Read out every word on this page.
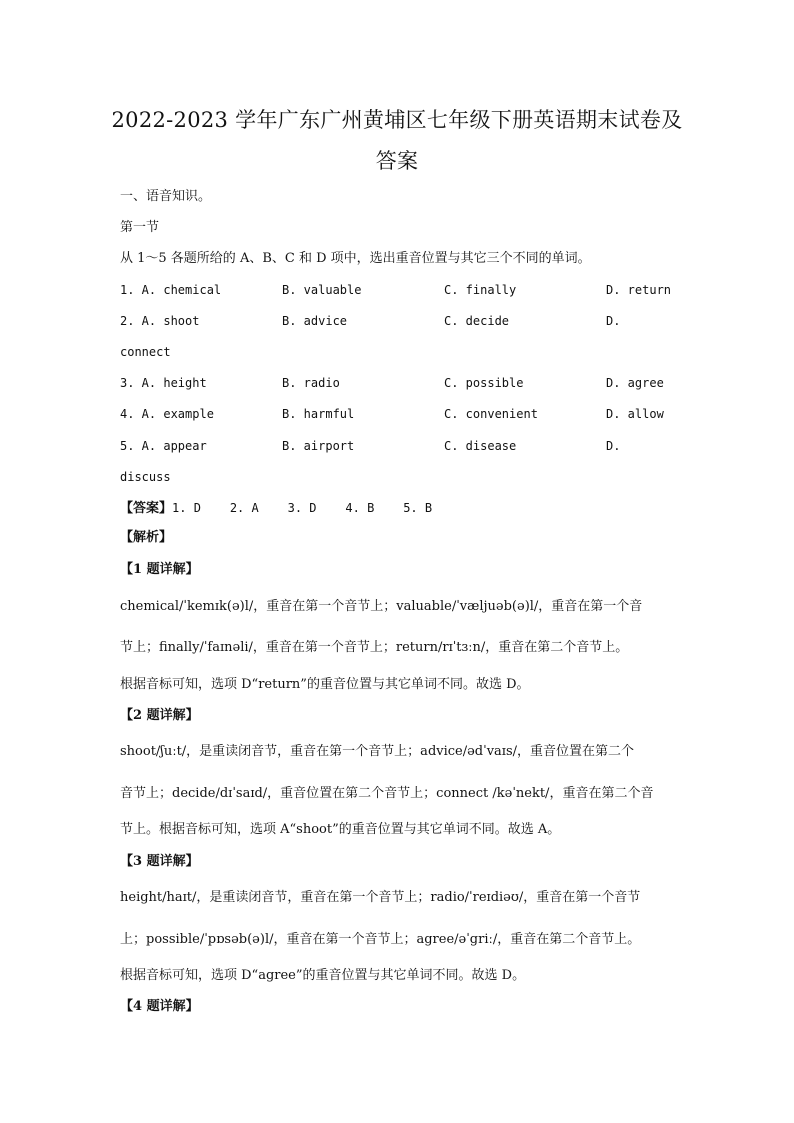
2022-2023 学年广东广州黄埔区七年级下册英语期末试卷及
答案
一、语音知识。
第一节
从 1～5 各题所给的 A、B、C 和 D 项中，选出重音位置与其它三个不同的单词。
1. A. chemical	B. valuable	C. finally	D. return
2. A. shoot	B. advice	C. decide	D.
connect
3. A. height	B. radio	C. possible	D. agree
4. A. example	B. harmful	C. convenient	D. allow
5. A. appear	B. airport	C. disease	D.
discuss
【答案】1. D    2. A    3. D    4. B    5. B
【解析】
【1 题详解】
chemical/ˈkemɪk(ə)l/，重音在第一个音节上；valuable/ˈvæljuəb(ə)l/，重音在第一个音
节上；finally/ˈfaɪnəli/，重音在第一个音节上；return/rɪˈtɜːn/，重音在第二个音节上。
根据音标可知，选项 D“return”的重音位置与其它单词不同。故选 D。
【2 题详解】
shoot/ʃuːt/，是重读闭音节，重音在第一个音节上；advice/ədˈvaɪs/，重音位置在第二个
音节上；decide/dɪˈsaɪd/，重音位置在第二个音节上；connect /kəˈnekt/，重音在第二个音
节上。根据音标可知，选项 A“shoot”的重音位置与其它单词不同。故选 A。
【3 题详解】
height/haɪt/，是重读闭音节，重音在第一个音节上；radio/ˈreɪdiəʊ/，重音在第一个音节
上；possible/ˈpɒsəb(ə)l/，重音在第一个音节上；agree/əˈgriː/，重音在第二个音节上。
根据音标可知，选项 D“agree”的重音位置与其它单词不同。故选 D。
【4 题详解】
